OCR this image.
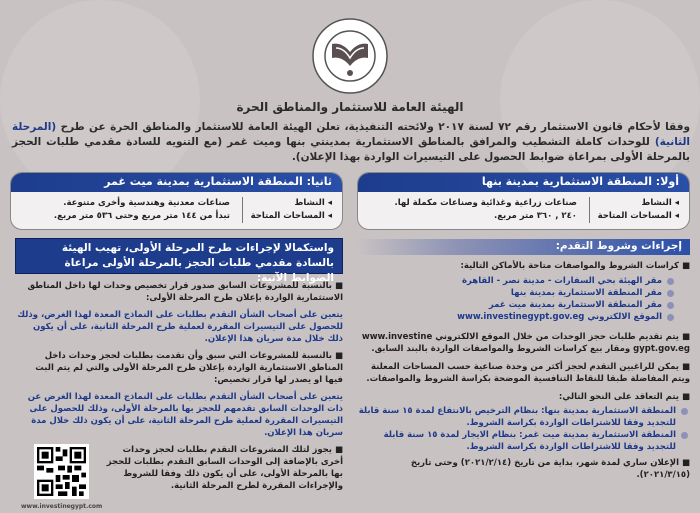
الهيئة العامة للاستثمار والمناطق الحرة
وفقا لأحكام قانون الاستثمار رقم ٧٢ لسنة ٢٠١٧ ولائحته التنفيذية، تعلن الهيئة العامة للاستثمار والمناطق الحرة عن طرح (المرحلة الثانية) للوحدات كاملة التشطيب والمرافق بالمناطق الاستثمارية بمدينتي بنها وميت غمر (مع التنويه للسادة مقدمي طلبات الحجز بالمرحلة الأولى بمراعاة ضوابط الحصول على التيسيرات الواردة بهذا الإعلان).
أولا: المنطقة الاستثمارية بمدينة بنها
◂ النشاط
◂ المساحات المتاحة
صناعات زراعية وغذائية وصناعات مكملة لها.
٢٤٠ , ٣٦٠ متر مربع.
ثانيا: المنطقة الاستثمارية بمدينة ميت غمر
◂ النشاط
◂ المساحات المتاحة
صناعات معدنية وهندسية وأخرى متنوعة.
تبدأ من ١٤٤ متر مربع وحتى ٥٣٦ متر مربع.
إجراءات وشروط التقدم:

■ كراسات الشروط والمواصفات متاحة بالأماكن التالية:

مقر الهيئة بحي السفارات - مدينة نصر - القاهرة
مقر المنطقة الاستثمارية بمدينة بنها
مقر المنطقة الاستثمارية بمدينة ميت غمر
الموقع الالكتروني www.investinegypt.gov.eg

■ يتم تقديم طلبات حجز الوحدات من خلال الموقع الالكتروني www.investinegypt.gov.eg ومقار بيع كراسات الشروط والمواصفات الواردة بالبند السابق.

■ يمكن للراغبين التقدم لحجز أكثر من وحدة صناعية حسب المساحات المعلنة ويتم المفاضلة طبقا للنقاط التنافسية الموضحة بكراسة الشروط والمواصفات.

■ يتم التعاقد على النحو التالي:

المنطقة الاستثمارية بمدينة بنها: بنظام الترخيص بالانتفاع لمدة ١٥ سنة قابلة للتجديد وفقا للاشتراطات الواردة بكراسة الشروط.
المنطقة الاستثمارية بمدينة ميت غمر: بنظام الايجار لمدة ١٥ سنة قابلة للتجديد وفقا للاشتراطات الواردة بكراسة الشروط.

■ الإعلان ساري لمدة شهر، بداية من تاريخ (٢٠٢١/٢/١٤) وحتى تاريخ (٢٠٢١/٣/١٥).

واستكمالا لإجراءات طرح المرحلة الأولى، تهيب الهيئة بالسادة مقدمي طلبات الحجز بالمرحلة الأولى مراعاة الضوابط الآتية:

■ بالنسبة للمشروعات السابق صدور قرار تخصيص وحدات لها داخل المناطق الاستثمارية الواردة بإعلان طرح المرحلة الأولى:

يتعين على أصحاب الشأن التقدم بطلبات على النماذج المعدة لهذا الغرض، وذلك للحصول على التيسيرات المقررة لعملية طرح المرحلة الثانية، على أن يكون ذلك خلال مدة سريان هذا الإعلان.

■ بالنسبة للمشروعات التي سبق وأن تقدمت بطلبات لحجز وحدات داخل المناطق الاستثمارية الواردة بإعلان طرح المرحلة الأولى والتي لم يتم البت فيها او يصدر لها قرار تخصيص:

يتعين على أصحاب الشأن التقدم بطلبات على النماذج المعدة لهذا الغرض عن ذات الوحدات السابق تقدمهم للحجز بها بالمرحلة الأولى، وذلك للحصول على التيسيرات المقررة لعملية طرح المرحلة الثانية، على أن يكون ذلك خلال مدة سريان هذا الإعلان.

www.investinegypt.com

■ يجوز لتلك المشروعات التقدم بطلبات لحجز وحدات أخرى بالإضافة إلى الوحدات السابق التقدم بطلبات للحجز بها بالمرحلة الأولى، على أن يكون ذلك وفقا للشروط والإجراءات المقررة لطرح المرحلة الثانية.
